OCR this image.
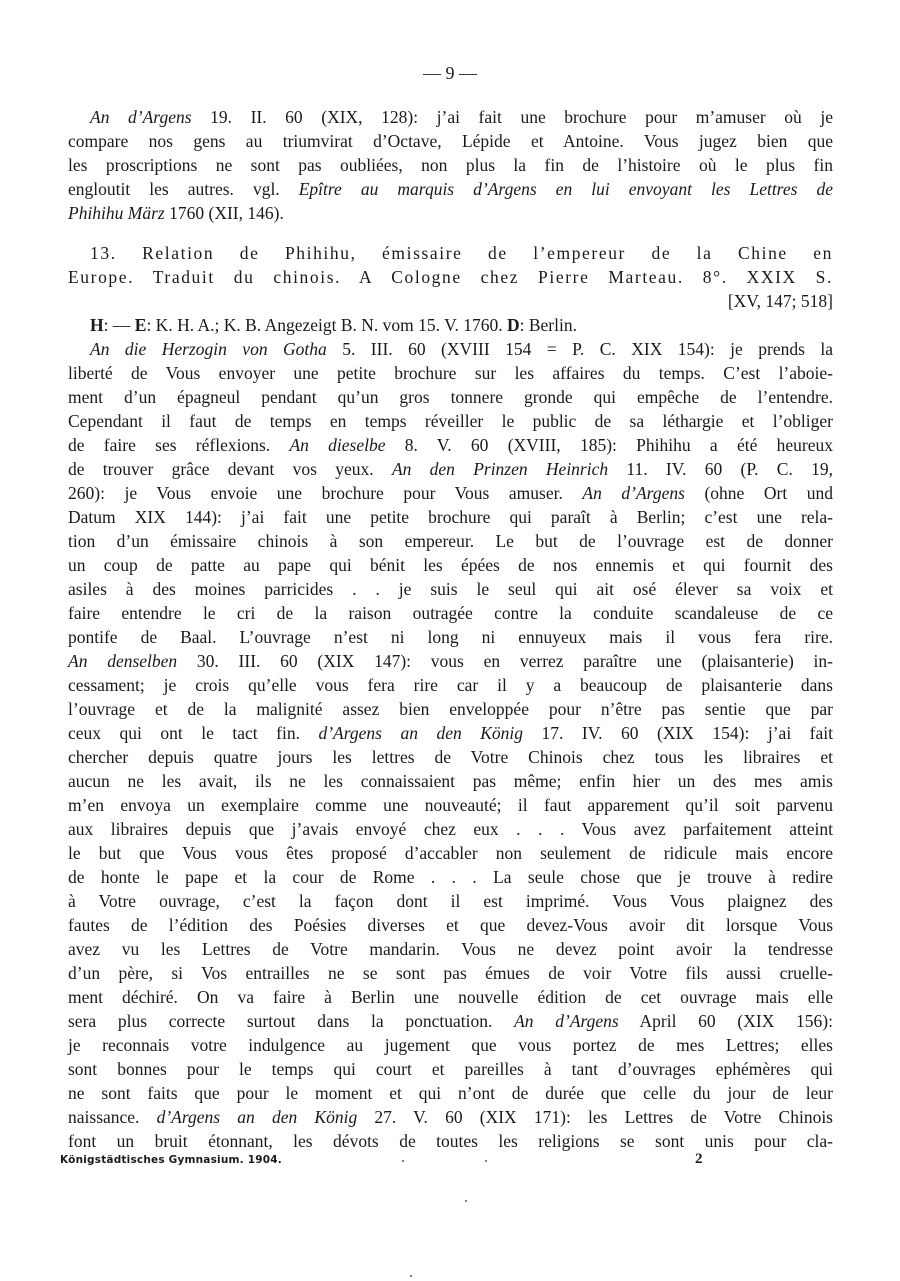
— 9 —
An d’Argens 19. II. 60 (XIX, 128): j’ai fait une brochure pour m’amuser où je
compare nos gens au triumvirat d’Octave, Lépide et Antoine. Vous jugez bien que
les proscriptions ne sont pas oubliées, non plus la fin de l’histoire où le plus fin
engloutit les autres. vgl. Epître au marquis d’Argens en lui envoyant les Lettres de
Phihihu März 1760 (XII, 146).
13. Relation de Phihihu, émissaire de l’empereur de la Chine en
Europe. Traduit du chinois. A Cologne chez Pierre Marteau. 8°. XXIX S.
[XV, 147; 518]
H: — E: K. H. A.; K. B. Angezeigt B. N. vom 15. V. 1760. D: Berlin.
An die Herzogin von Gotha 5. III. 60 (XVIII 154 = P. C. XIX 154): je prends la
liberté de Vous envoyer une petite brochure sur les affaires du temps. C’est l’aboie-
ment d’un épagneul pendant qu’un gros tonnere gronde qui empêche de l’entendre.
Cependant il faut de temps en temps réveiller le public de sa léthargie et l’obliger
de faire ses réflexions. An dieselbe 8. V. 60 (XVIII, 185): Phihihu a été heureux
de trouver grâce devant vos yeux. An den Prinzen Heinrich 11. IV. 60 (P. C. 19,
260): je Vous envoie une brochure pour Vous amuser. An d’Argens (ohne Ort und
Datum XIX 144): j’ai fait une petite brochure qui paraît à Berlin; c’est une rela-
tion d’un émissaire chinois à son empereur. Le but de l’ouvrage est de donner
un coup de patte au pape qui bénit les épées de nos ennemis et qui fournit des
asiles à des moines parricides . . je suis le seul qui ait osé élever sa voix et
faire entendre le cri de la raison outragée contre la conduite scandaleuse de ce
pontife de Baal. L’ouvrage n’est ni long ni ennuyeux mais il vous fera rire.
An denselben 30. III. 60 (XIX 147): vous en verrez paraître une (plaisanterie) in-
cessament; je crois qu’elle vous fera rire car il y a beaucoup de plaisanterie dans
l’ouvrage et de la malignité assez bien enveloppée pour n’être pas sentie que par
ceux qui ont le tact fin. d’Argens an den König 17. IV. 60 (XIX 154): j’ai fait
chercher depuis quatre jours les lettres de Votre Chinois chez tous les libraires et
aucun ne les avait, ils ne les connaissaient pas même; enfin hier un des mes amis
m’en envoya un exemplaire comme une nouveauté; il faut apparement qu’il soit parvenu
aux libraires depuis que j’avais envoyé chez eux . . . Vous avez parfaitement atteint
le but que Vous vous êtes proposé d’accabler non seulement de ridicule mais encore
de honte le pape et la cour de Rome . . . La seule chose que je trouve à redire
à Votre ouvrage, c’est la façon dont il est imprimé. Vous Vous plaignez des
fautes de l’édition des Poésies diverses et que devez-Vous avoir dit lorsque Vous
avez vu les Lettres de Votre mandarin. Vous ne devez point avoir la tendresse
d’un père, si Vos entrailles ne se sont pas émues de voir Votre fils aussi cruelle-
ment déchiré. On va faire à Berlin une nouvelle édition de cet ouvrage mais elle
sera plus correcte surtout dans la ponctuation. An d’Argens April 60 (XIX 156):
je reconnais votre indulgence au jugement que vous portez de mes Lettres; elles
sont bonnes pour le temps qui court et pareilles à tant d’ouvrages ephémères qui
ne sont faits que pour le moment et qui n’ont de durée que celle du jour de leur
naissance. d’Argens an den König 27. V. 60 (XIX 171): les Lettres de Votre Chinois
font un bruit étonnant, les dévots de toutes les religions se sont unis pour cla-
Königstädtisches Gymnasium. 1904.	2
